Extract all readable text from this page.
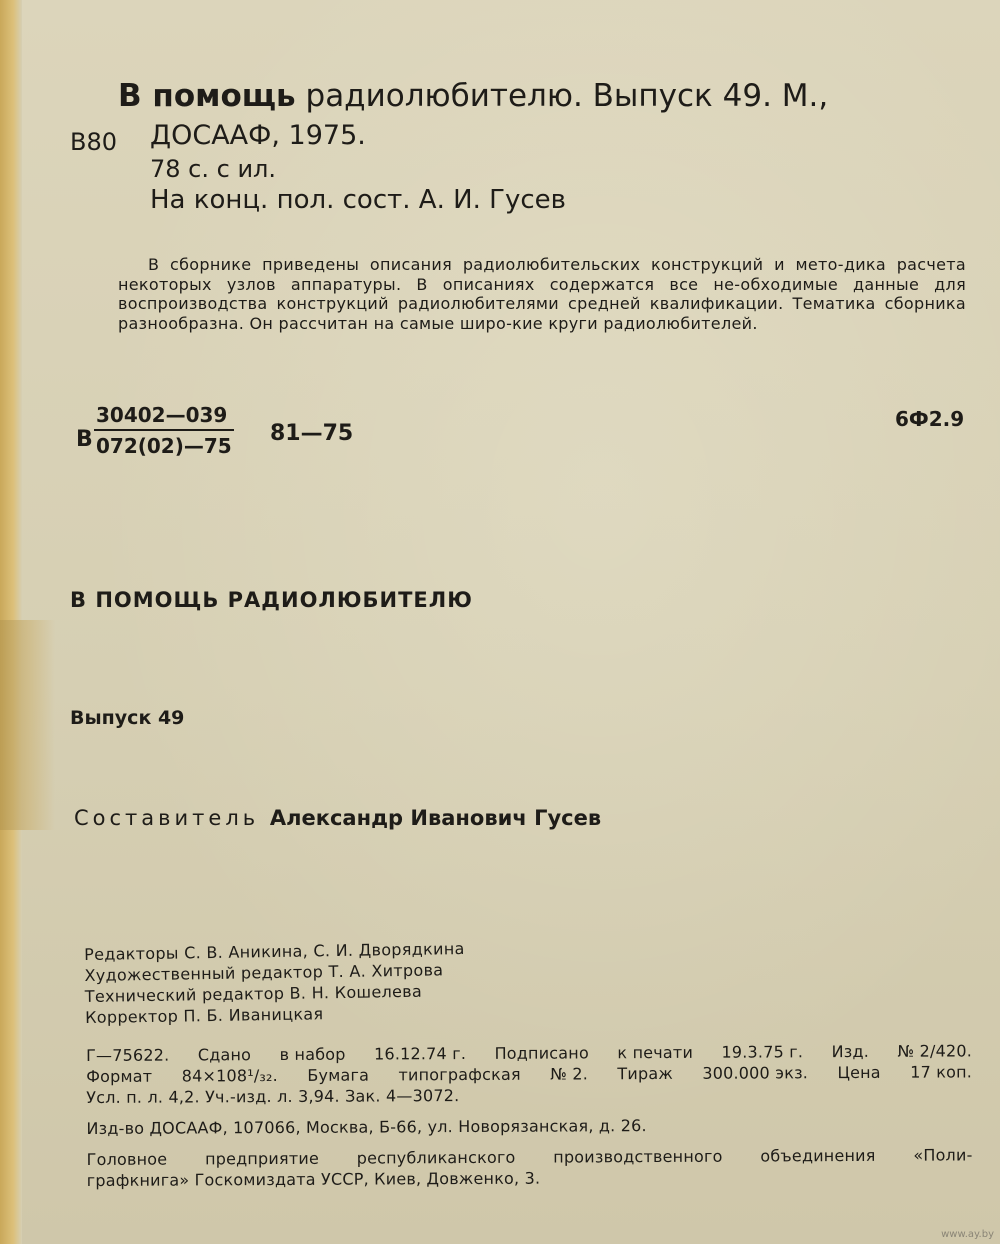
В80
В помощь радиолюбителю. Выпуск 49. М.,
ДОСААФ, 1975.
78 с. с ил.
На конц. пол. сост. А. И. Гусев
В сборнике приведены описания радиолюбительских конструкций и мето-дика расчета некоторых узлов аппаратуры. В описаниях содержатся все не-обходимые данные для воспроизводства конструкций радиолюбителями средней квалификации. Тематика сборника разнообразна. Он рассчитан на самые широ-кие круги радиолюбителей.
В $\frac{30402—039}{072(02)—75}$ 81—75
6Ф2.9
В ПОМОЩЬ РАДИОЛЮБИТЕЛЮ
Выпуск 49
Составитель Александр Иванович Гусев
Редакторы С. В. Аникина, С. И. Дворядкина
Художественный редактор Т. А. Хитрова
Технический редактор В. Н. Кошелева
Корректор П. Б. Иваницкая
Г—75622. Сдано в набор 16.12.74 г. Подписано к печати 19.3.75 г. Изд. № 2/420.
Формат 84×108¹/₃₂. Бумага типографская № 2. Тираж 300.000 экз. Цена 17 коп.
Усл. п. л. 4,2. Уч.-изд. л. 3,94. Зак. 4—3072.
Изд-во ДОСААФ, 107066, Москва, Б-66, ул. Новорязанская, д. 26.
Головное предприятие республиканского производственного объединения «Поли-
графкнига» Госкомиздата УССР, Киев, Довженко, 3.
www.ay.by
